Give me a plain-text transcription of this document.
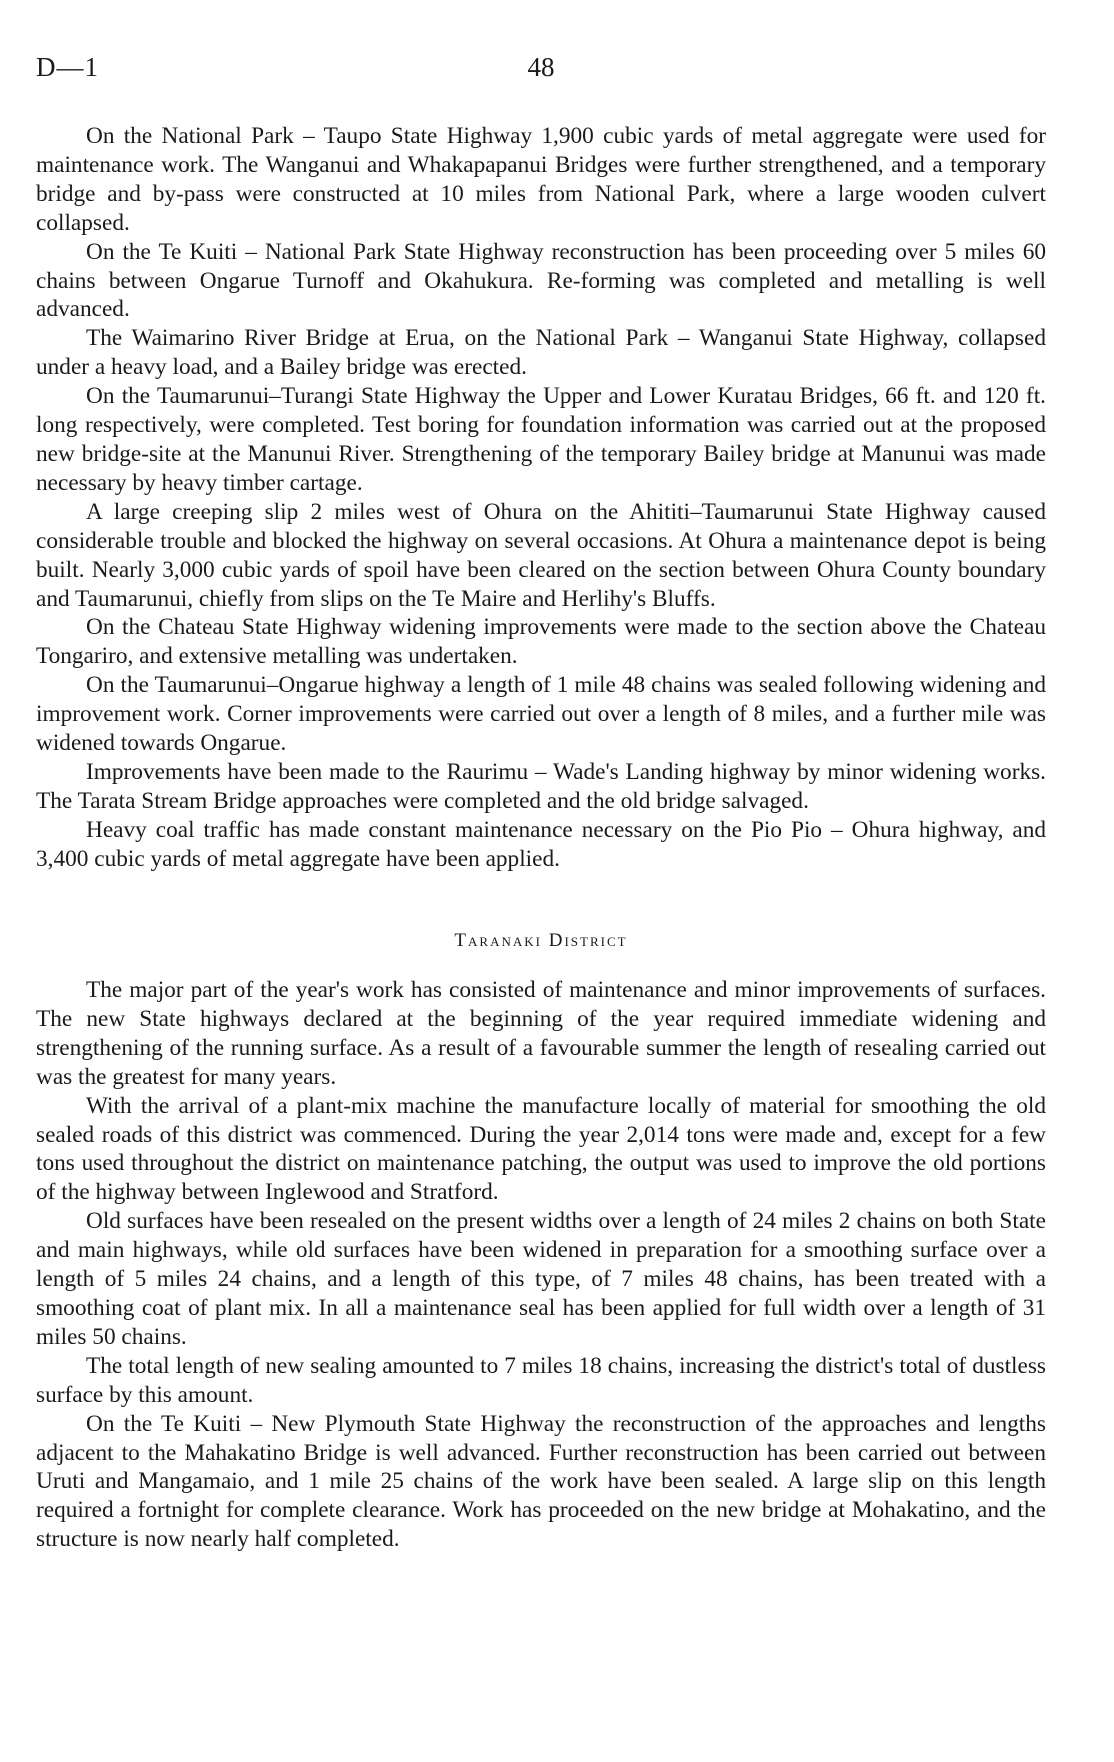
D—1	48

On the National Park – Taupo State Highway 1,900 cubic yards of metal aggregate were used for maintenance work. The Wanganui and Whakapapanui Bridges were further strengthened, and a temporary bridge and by-pass were constructed at 10 miles from National Park, where a large wooden culvert collapsed.

On the Te Kuiti – National Park State Highway reconstruction has been proceeding over 5 miles 60 chains between Ongarue Turnoff and Okahukura. Re-forming was completed and metalling is well advanced.

The Waimarino River Bridge at Erua, on the National Park – Wanganui State Highway, collapsed under a heavy load, and a Bailey bridge was erected.

On the Taumarunui–Turangi State Highway the Upper and Lower Kuratau Bridges, 66 ft. and 120 ft. long respectively, were completed. Test boring for foundation information was carried out at the proposed new bridge-site at the Manunui River. Strengthening of the temporary Bailey bridge at Manunui was made necessary by heavy timber cartage.

A large creeping slip 2 miles west of Ohura on the Ahititi–Taumarunui State Highway caused considerable trouble and blocked the highway on several occasions. At Ohura a maintenance depot is being built. Nearly 3,000 cubic yards of spoil have been cleared on the section between Ohura County boundary and Taumarunui, chiefly from slips on the Te Maire and Herlihy's Bluffs.

On the Chateau State Highway widening improvements were made to the section above the Chateau Tongariro, and extensive metalling was undertaken.

On the Taumarunui–Ongarue highway a length of 1 mile 48 chains was sealed following widening and improvement work. Corner improvements were carried out over a length of 8 miles, and a further mile was widened towards Ongarue.

Improvements have been made to the Raurimu – Wade's Landing highway by minor widening works. The Tarata Stream Bridge approaches were completed and the old bridge salvaged.

Heavy coal traffic has made constant maintenance necessary on the Pio Pio – Ohura highway, and 3,400 cubic yards of metal aggregate have been applied.

Taranaki District

The major part of the year's work has consisted of maintenance and minor improvements of surfaces. The new State highways declared at the beginning of the year required immediate widening and strengthening of the running surface. As a result of a favourable summer the length of resealing carried out was the greatest for many years.

With the arrival of a plant-mix machine the manufacture locally of material for smoothing the old sealed roads of this district was commenced. During the year 2,014 tons were made and, except for a few tons used throughout the district on maintenance patching, the output was used to improve the old portions of the highway between Inglewood and Stratford.

Old surfaces have been resealed on the present widths over a length of 24 miles 2 chains on both State and main highways, while old surfaces have been widened in preparation for a smoothing surface over a length of 5 miles 24 chains, and a length of this type, of 7 miles 48 chains, has been treated with a smoothing coat of plant mix. In all a maintenance seal has been applied for full width over a length of 31 miles 50 chains.

The total length of new sealing amounted to 7 miles 18 chains, increasing the district's total of dustless surface by this amount.

On the Te Kuiti – New Plymouth State Highway the reconstruction of the approaches and lengths adjacent to the Mahakatino Bridge is well advanced. Further reconstruction has been carried out between Uruti and Mangamaio, and 1 mile 25 chains of the work have been sealed. A large slip on this length required a fortnight for complete clearance. Work has proceeded on the new bridge at Mohakatino, and the structure is now nearly half completed.
